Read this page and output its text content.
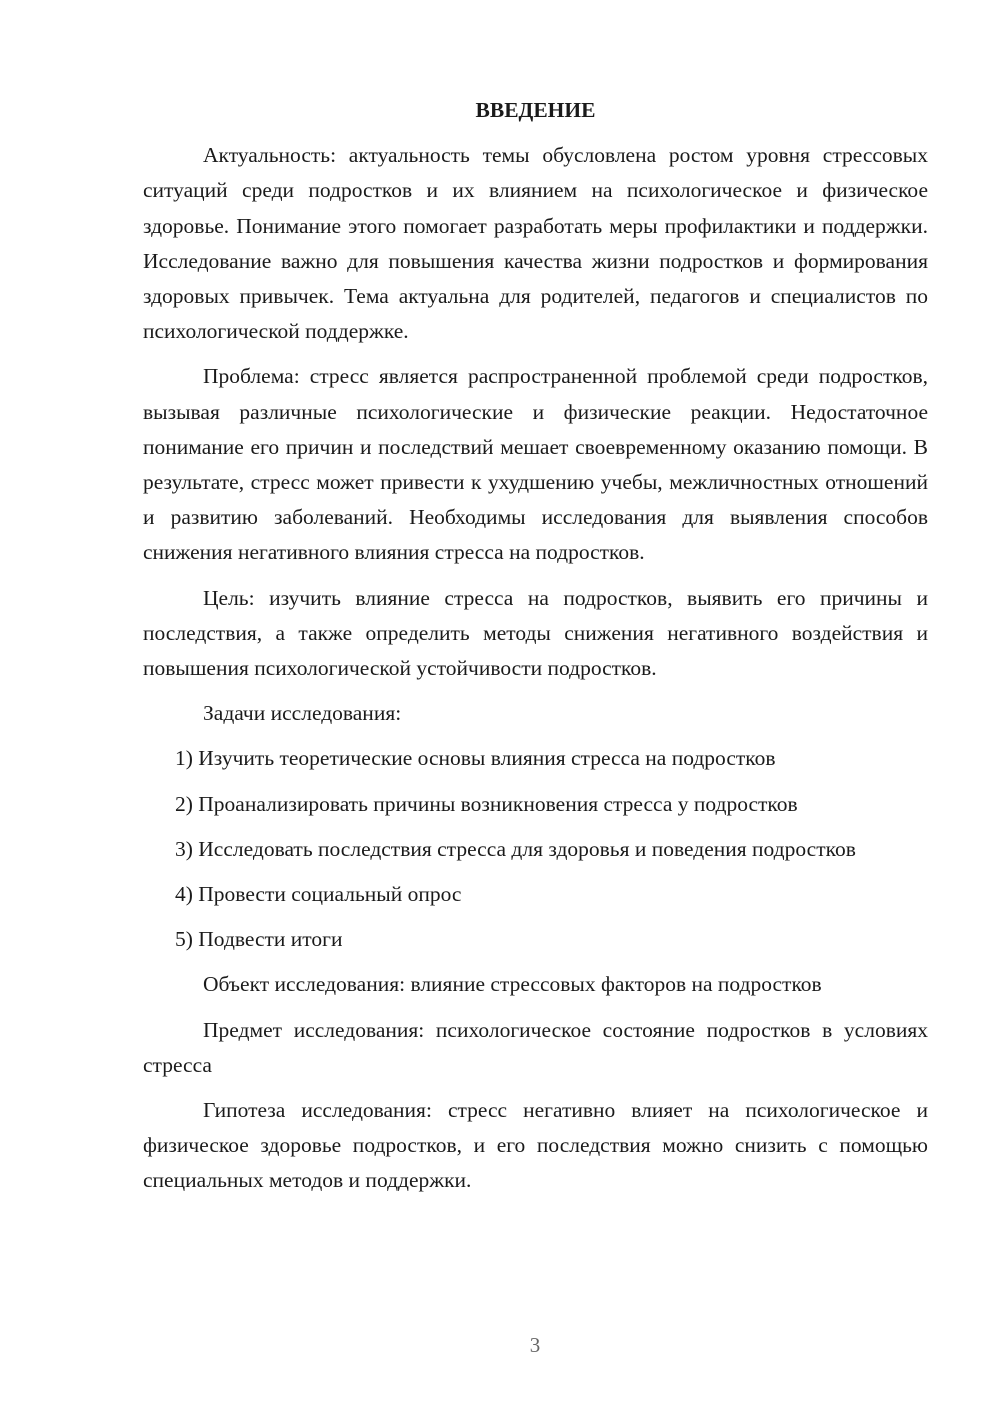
ВВЕДЕНИЕ
Актуальность: актуальность темы обусловлена ростом уровня стрессовых ситуаций среди подростков и их влиянием на психологическое и физическое здоровье. Понимание этого помогает разработать меры профилактики и поддержки. Исследование важно для повышения качества жизни подростков и формирования здоровых привычек. Тема актуальна для родителей, педагогов и специалистов по психологической поддержке.
Проблема: стресс является распространенной проблемой среди подростков, вызывая различные психологические и физические реакции. Недостаточное понимание его причин и последствий мешает своевременному оказанию помощи. В результате, стресс может привести к ухудшению учебы, межличностных отношений и развитию заболеваний. Необходимы исследования для выявления способов снижения негативного влияния стресса на подростков.
Цель: изучить влияние стресса на подростков, выявить его причины и последствия, а также определить методы снижения негативного воздействия и повышения психологической устойчивости подростков.
Задачи исследования:
1) Изучить теоретические основы влияния стресса на подростков
2) Проанализировать причины возникновения стресса у подростков
3) Исследовать последствия стресса для здоровья и поведения подростков
4) Провести социальный опрос
5) Подвести итоги
Объект исследования: влияние стрессовых факторов на подростков
Предмет исследования: психологическое состояние подростков в условиях стресса
Гипотеза исследования: стресс негативно влияет на психологическое и физическое здоровье подростков, и его последствия можно снизить с помощью специальных методов и поддержки.
3
